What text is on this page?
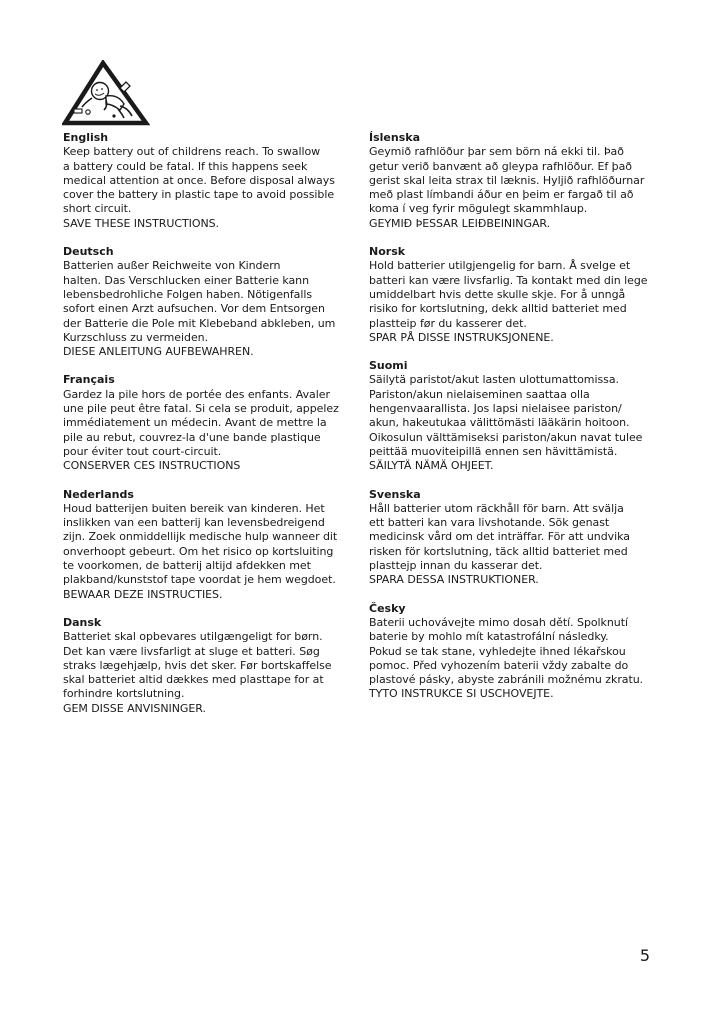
English

Keep battery out of childrens reach. To swallow

a battery could be fatal. If this happens seek

medical attention at once. Before disposal always

cover the battery in plastic tape to avoid possible

short circuit.

SAVE THESE INSTRUCTIONS.

Deutsch

Batterien außer Reichweite von Kindern

halten. Das Verschlucken einer Batterie kann

lebensbedrohliche Folgen haben. Nötigenfalls

sofort einen Arzt aufsuchen. Vor dem Entsorgen

der Batterie die Pole mit Klebeband abkleben, um

Kurzschluss zu vermeiden.

DIESE ANLEITUNG AUFBEWAHREN.

Français

Gardez la pile hors de portée des enfants. Avaler

une pile peut être fatal. Si cela se produit, appelez

immédiatement un médecin. Avant de mettre la

pile au rebut, couvrez-la d'une bande plastique

pour éviter tout court-circuit.

CONSERVER CES INSTRUCTIONS

Nederlands

Houd batterijen buiten bereik van kinderen. Het

inslikken van een batterij kan levensbedreigend

zijn. Zoek onmiddellijk medische hulp wanneer dit

onverhoopt gebeurt. Om het risico op kortsluiting

te voorkomen, de batterij altijd afdekken met

plakband/kunststof tape voordat je hem wegdoet.

BEWAAR DEZE INSTRUCTIES.

Dansk

Batteriet skal opbevares utilgængeligt for børn.

Det kan være livsfarligt at sluge et batteri. Søg

straks lægehjælp, hvis det sker. Før bortskaffelse

skal batteriet altid dækkes med plasttape for at

forhindre kortslutning.

GEM DISSE ANVISNINGER.

Íslenska

Geymið rafhlöður þar sem börn ná ekki til. Það

getur verið banvænt að gleypa rafhlöður. Ef það

gerist skal leita strax til læknis. Hyljið rafhlöðurnar

með plast límbandi áður en þeim er fargað til að

koma í veg fyrir mögulegt skammhlaup.

GEYMIÐ ÞESSAR LEIÐBEININGAR.

Norsk

Hold batterier utilgjengelig for barn. Å svelge et

batteri kan være livsfarlig. Ta kontakt med din lege

umiddelbart hvis dette skulle skje. For å unngå

risiko for kortslutning, dekk alltid batteriet med

plastteip før du kasserer det.

SPAR PÅ DISSE INSTRUKSJONENE.

Suomi

Säilytä paristot/akut lasten ulottumattomissa.

Pariston/akun nielaiseminen saattaa olla

hengenvaarallista. Jos lapsi nielaisee pariston/

akun, hakeutukaa välittömästi lääkärin hoitoon.

Oikosulun välttämiseksi pariston/akun navat tulee

peittää muoviteipillä ennen sen hävittämistä.

SÄILYTÄ NÄMÄ OHJEET.

Svenska

Håll batterier utom räckhåll för barn. Att svälja

ett batteri kan vara livshotande. Sök genast

medicinsk vård om det inträffar. För att undvika

risken för kortslutning, täck alltid batteriet med

plasttejp innan du kasserar det.

SPARA DESSA INSTRUKTIONER.

Česky

Baterii uchovávejte mimo dosah dětí. Spolknutí

baterie by mohlo mít katastrofální následky.

Pokud se tak stane, vyhledejte ihned lékařskou

pomoc. Před vyhozením baterii vždy zabalte do

plastové pásky, abyste zabránili možnému zkratu.

TYTO INSTRUKCE SI USCHOVEJTE.

5
